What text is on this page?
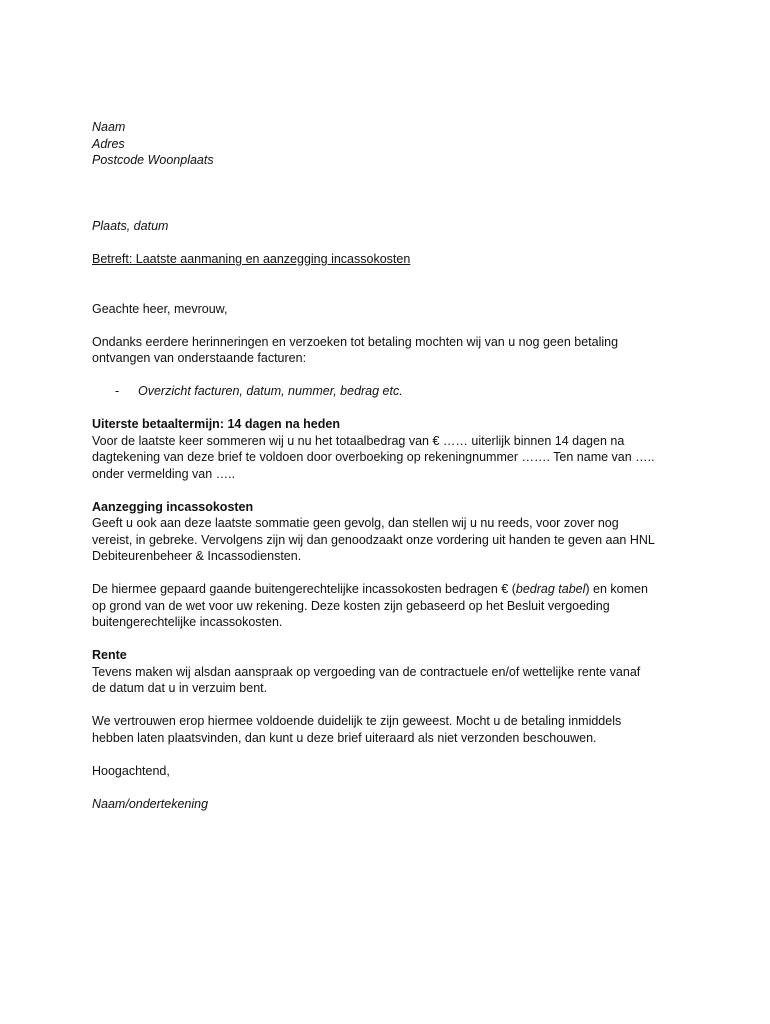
Naam
Adres
Postcode Woonplaats
Plaats, datum
Betreft: Laatste aanmaning en aanzegging incassokosten
Geachte heer, mevrouw,
Ondanks eerdere herinneringen en verzoeken tot betaling mochten wij van u nog geen betaling
ontvangen van onderstaande facturen:
-	Overzicht facturen, datum, nummer, bedrag etc.
Uiterste betaaltermijn: 14 dagen na heden
Voor de laatste keer sommeren wij u nu het totaalbedrag van € …… uiterlijk binnen 14 dagen na
dagtekening van deze brief te voldoen door overboeking op rekeningnummer ……. Ten name van …..
onder vermelding van …..
Aanzegging incassokosten
Geeft u ook aan deze laatste sommatie geen gevolg, dan stellen wij u nu reeds, voor zover nog
vereist, in gebreke. Vervolgens zijn wij dan genoodzaakt onze vordering uit handen te geven aan HNL
Debiteurenbeheer & Incassodiensten.
De hiermee gepaard gaande buitengerechtelijke incassokosten bedragen € (bedrag tabel) en komen
op grond van de wet voor uw rekening. Deze kosten zijn gebaseerd op het Besluit vergoeding
buitengerechtelijke incassokosten.
Rente
Tevens maken wij alsdan aanspraak op vergoeding van de contractuele en/of wettelijke rente vanaf
de datum dat u in verzuim bent.
We vertrouwen erop hiermee voldoende duidelijk te zijn geweest. Mocht u de betaling inmiddels
hebben laten plaatsvinden, dan kunt u deze brief uiteraard als niet verzonden beschouwen.
Hoogachtend,
Naam/ondertekening
